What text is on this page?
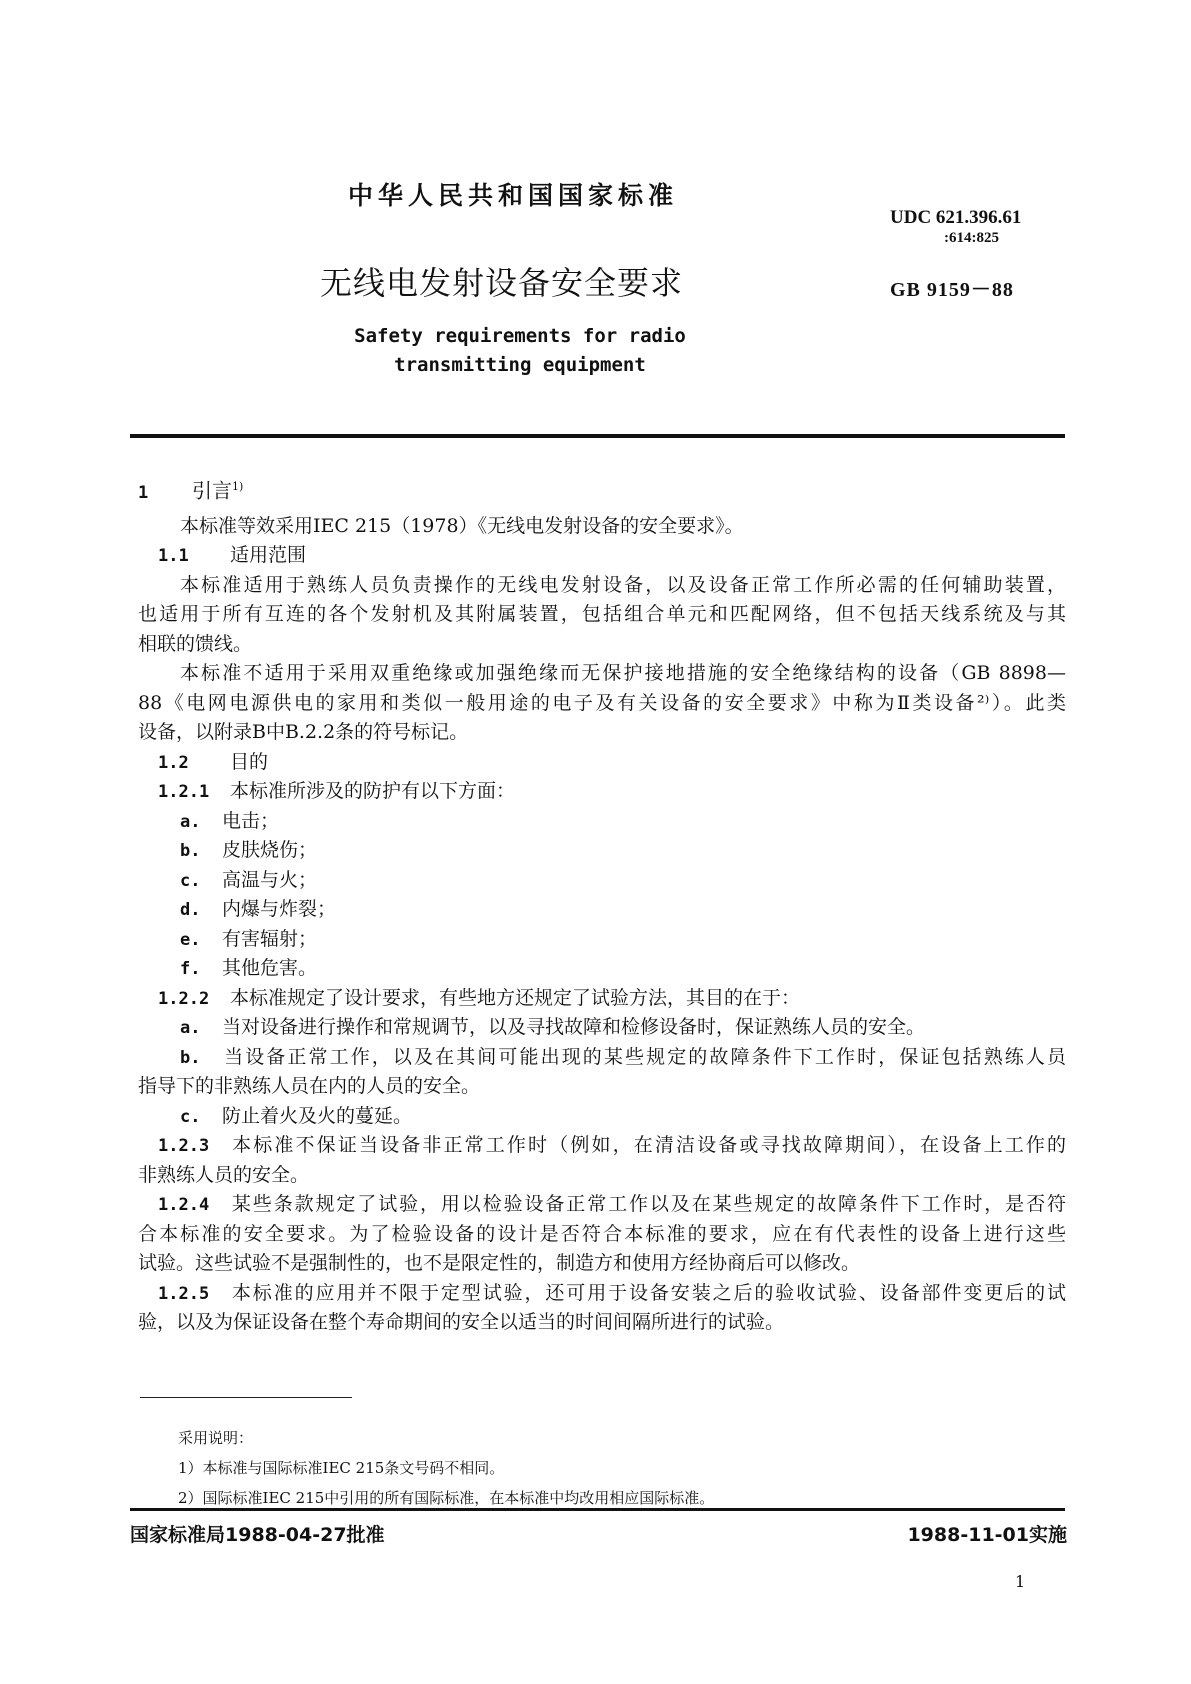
中华人民共和国国家标准
无线电发射设备安全要求
Safety requirements for radio
transmitting equipment
UDC 621.396.61
:614:825
GB 9159－88
1 引言$^{1)}$
本标准等效采用IEC 215（1978）《无线电发射设备的安全要求》。
1.1 适用范围
本标准适用于熟练人员负责操作的无线电发射设备，以及设备正常工作所必需的任何辅助装置，
也适用于所有互连的各个发射机及其附属装置，包括组合单元和匹配网络，但不包括天线系统及与其
相联的馈线。
本标准不适用于采用双重绝缘或加强绝缘而无保护接地措施的安全绝缘结构的设备（GB 8898—
88《电网电源供电的家用和类似一般用途的电子及有关设备的安全要求》中称为Ⅱ类设备²⁾）。此类
设备，以附录B中B.2.2条的符号标记。
1.2 目的
1.2.1 本标准所涉及的防护有以下方面：
a. 电击；
b. 皮肤烧伤；
c. 高温与火；
d. 内爆与炸裂；
e. 有害辐射；
f. 其他危害。
1.2.2 本标准规定了设计要求，有些地方还规定了试验方法，其目的在于：
a. 当对设备进行操作和常规调节，以及寻找故障和检修设备时，保证熟练人员的安全。
b. 当设备正常工作，以及在其间可能出现的某些规定的故障条件下工作时，保证包括熟练人员
指导下的非熟练人员在内的人员的安全。
c. 防止着火及火的蔓延。
1.2.3 本标准不保证当设备非正常工作时（例如，在清洁设备或寻找故障期间），在设备上工作的
非熟练人员的安全。
1.2.4 某些条款规定了试验，用以检验设备正常工作以及在某些规定的故障条件下工作时，是否符
合本标准的安全要求。为了检验设备的设计是否符合本标准的要求，应在有代表性的设备上进行这些
试验。这些试验不是强制性的，也不是限定性的，制造方和使用方经协商后可以修改。
1.2.5 本标准的应用并不限于定型试验，还可用于设备安装之后的验收试验、设备部件变更后的试
验，以及为保证设备在整个寿命期间的安全以适当的时间间隔所进行的试验。
采用说明：
1）本标准与国际标准IEC 215条文号码不相同。
2）国际标准IEC 215中引用的所有国际标准，在本标准中均改用相应国际标准。
国家标准局1988-04-27批准	1988-11-01实施
1
